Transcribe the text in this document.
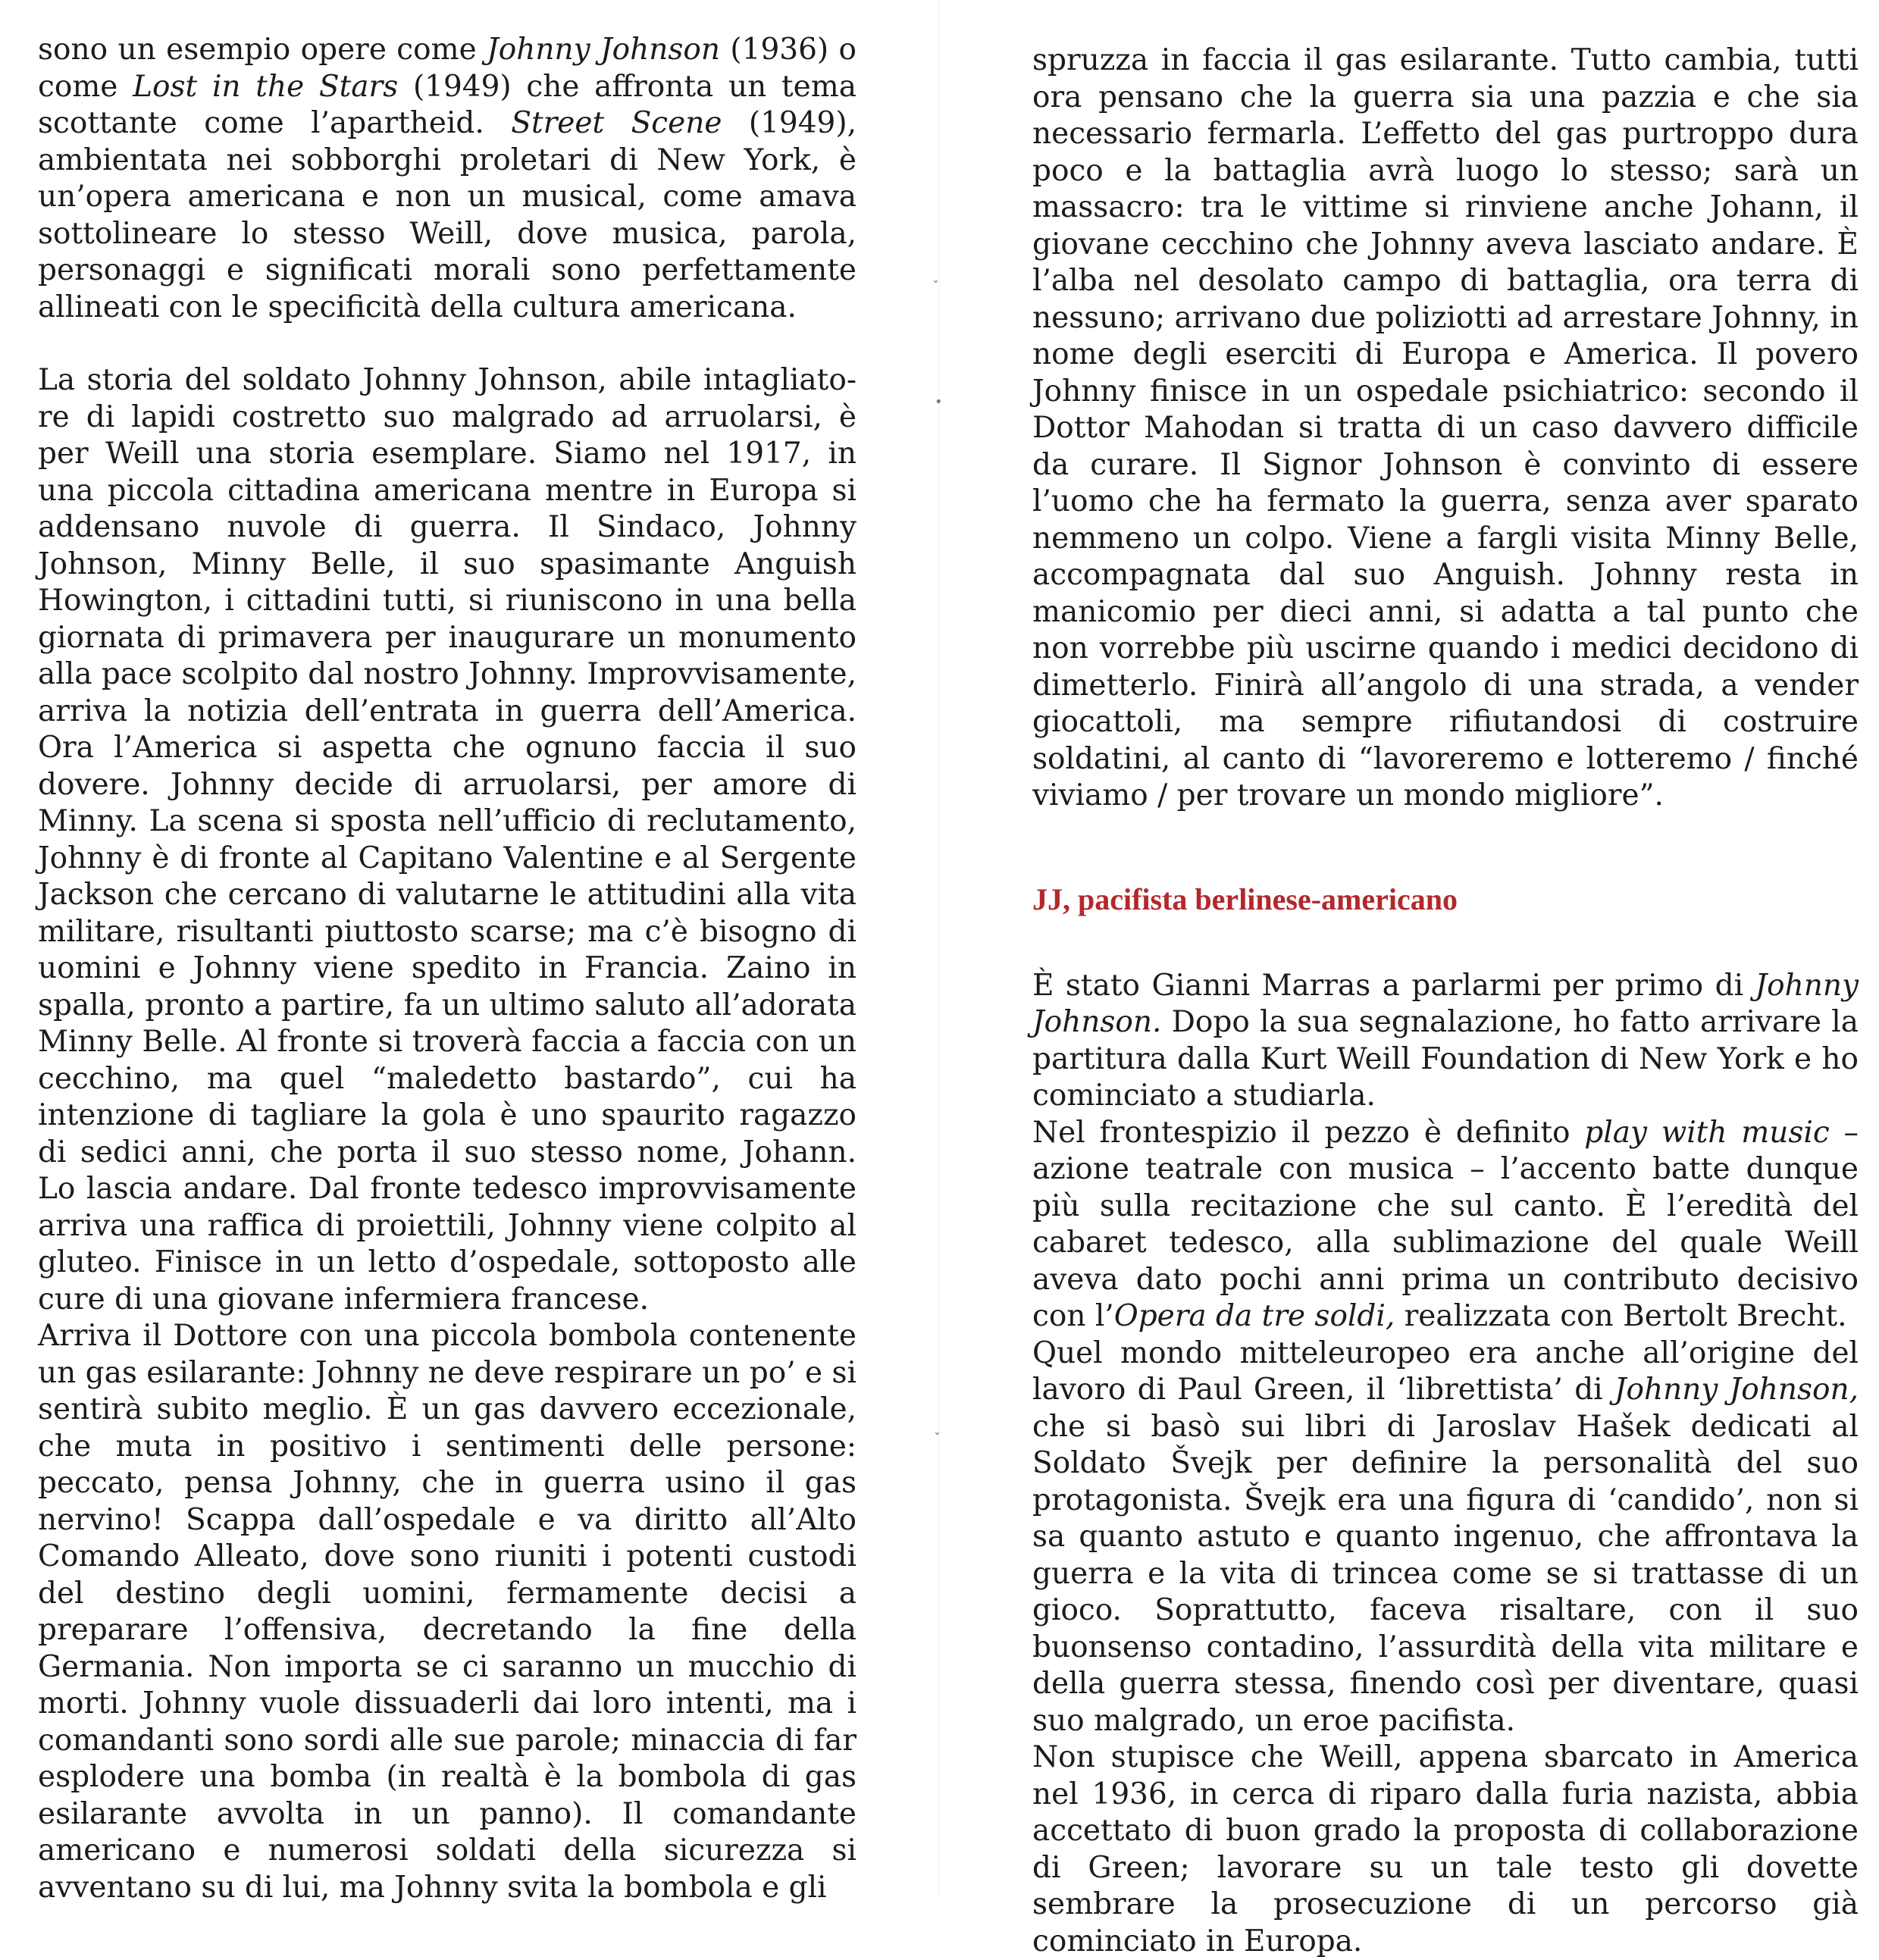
ˇ
•
ˇ

sono un esempio opere come Johnny Johnson (1936) o come Lost in the Stars (1949) che affronta un tema scottante come l’apartheid. Street Scene (1949), ambientata nei sobborghi proletari di New York, è un’opera americana e non un musical, come amava sottolineare lo stesso Weill, dove musica, parola, personaggi e significati morali sono perfettamente allineati con le specificità della cultura americana.

La storia del soldato Johnny Johnson, abile intagliatore di lapidi costretto suo malgrado ad arruolarsi, è per Weill una storia esemplare. Siamo nel 1917, in una piccola cittadina americana mentre in Europa si addensano nuvole di guerra. Il Sindaco, Johnny Johnson, Minny Belle, il suo spasimante Anguish Howington, i cittadini tutti, si riuniscono in una bella giornata di primavera per inaugurare un monumento alla pace scolpito dal nostro Johnny. Improvvisamente, arriva la notizia dell’entrata in guerra dell’America. Ora l’America si aspetta che ognuno faccia il suo dovere. Johnny decide di arruolarsi, per amore di Minny. La scena si sposta nell’ufficio di reclutamento, Johnny è di fronte al Capitano Valentine e al Sergente Jackson che cercano di valutarne le attitudini alla vita militare, risultanti piuttosto scarse; ma c’è bisogno di uomini e Johnny viene spedito in Francia. Zaino in spalla, pronto a partire, fa un ultimo saluto all’adorata Minny Belle. Al fronte si troverà faccia a faccia con un cecchino, ma quel “maledetto bastardo”, cui ha intenzione di tagliare la gola è uno spaurito ragazzo di sedici anni, che porta il suo stesso nome, Johann. Lo lascia andare. Dal fronte tedesco improvvisamente arriva una raffica di proiettili, Johnny viene colpito al gluteo. Finisce in un letto d’ospedale, sottoposto alle cure di una giovane infermiera francese.

Arriva il Dottore con una piccola bombola contenente un gas esilarante: Johnny ne deve respirare un po’ e si sentirà subito meglio. È un gas davvero eccezionale, che muta in positivo i sentimenti delle persone: peccato, pensa Johnny, che in guerra usino il gas nervino! Scappa dall’ospedale e va diritto all’Alto Comando Alleato, dove sono riuniti i potenti custodi del destino degli uomini, fermamente decisi a preparare l’offensiva, decretando la fine della Germania. Non importa se ci saranno un mucchio di morti. Johnny vuole dissuaderli dai loro intenti, ma i comandanti sono sordi alle sue parole; minaccia di far esplodere una bomba (in realtà è la bombola di gas esilarante avvolta in un panno). Il comandante americano e numerosi soldati della sicurezza si avventano su di lui, ma Johnny svita la bombola e gli

spruzza in faccia il gas esilarante. Tutto cambia, tutti ora pensano che la guerra sia una pazzia e che sia necessario fermarla. L’effetto del gas purtroppo dura poco e la battaglia avrà luogo lo stesso; sarà un massacro: tra le vittime si rinviene anche Johann, il giovane cecchino che Johnny aveva lasciato andare. È l’alba nel desolato campo di battaglia, ora terra di nessuno; arrivano due poliziotti ad arrestare Johnny, in nome degli eserciti di Europa e America. Il povero Johnny finisce in un ospedale psichiatrico: secondo il Dottor Mahodan si tratta di un caso davvero difficile da curare. Il Signor Johnson è convinto di essere l’uomo che ha fermato la guerra, senza aver sparato nemmeno un colpo. Viene a fargli visita Minny Belle, accompagnata dal suo Anguish. Johnny resta in manicomio per dieci anni, si adatta a tal punto che non vorrebbe più uscirne quando i medici decidono di dimetterlo. Finirà all’angolo di una strada, a vender giocattoli, ma sempre rifiutandosi di costruire soldatini, al canto di “lavoreremo e lotteremo / finché viviamo / per trovare un mondo migliore”.

JJ, pacifista berlinese-americano

È stato Gianni Marras a parlarmi per primo di Johnny Johnson. Dopo la sua segnalazione, ho fatto arrivare la partitura dalla Kurt Weill Foundation di New York e ho cominciato a studiarla.

Nel frontespizio il pezzo è definito play with music – azione teatrale con musica – l’accento batte dunque più sulla recitazione che sul canto. È l’eredità del cabaret tedesco, alla sublimazione del quale Weill aveva dato pochi anni prima un contributo decisivo con l’Opera da tre soldi, realizzata con Bertolt Brecht.

Quel mondo mitteleuropeo era anche all’origine del lavoro di Paul Green, il ‘librettista’ di Johnny Johnson, che si basò sui libri di Jaroslav Hašek dedicati al Soldato Švejk per definire la personalità del suo protagonista. Švejk era una figura di ‘candido’, non si sa quanto astuto e quanto ingenuo, che affrontava la guerra e la vita di trincea come se si trattasse di un gioco. Soprattutto, faceva risaltare, con il suo buonsenso contadino, l’assurdità della vita militare e della guerra stessa, finendo così per diventare, quasi suo malgrado, un eroe pacifista.

Non stupisce che Weill, appena sbarcato in America nel 1936, in cerca di riparo dalla furia nazista, abbia accettato di buon grado la proposta di collaborazione di Green; lavorare su un tale testo gli dovette sembrare la prosecuzione di un percorso già cominciato in Europa.
